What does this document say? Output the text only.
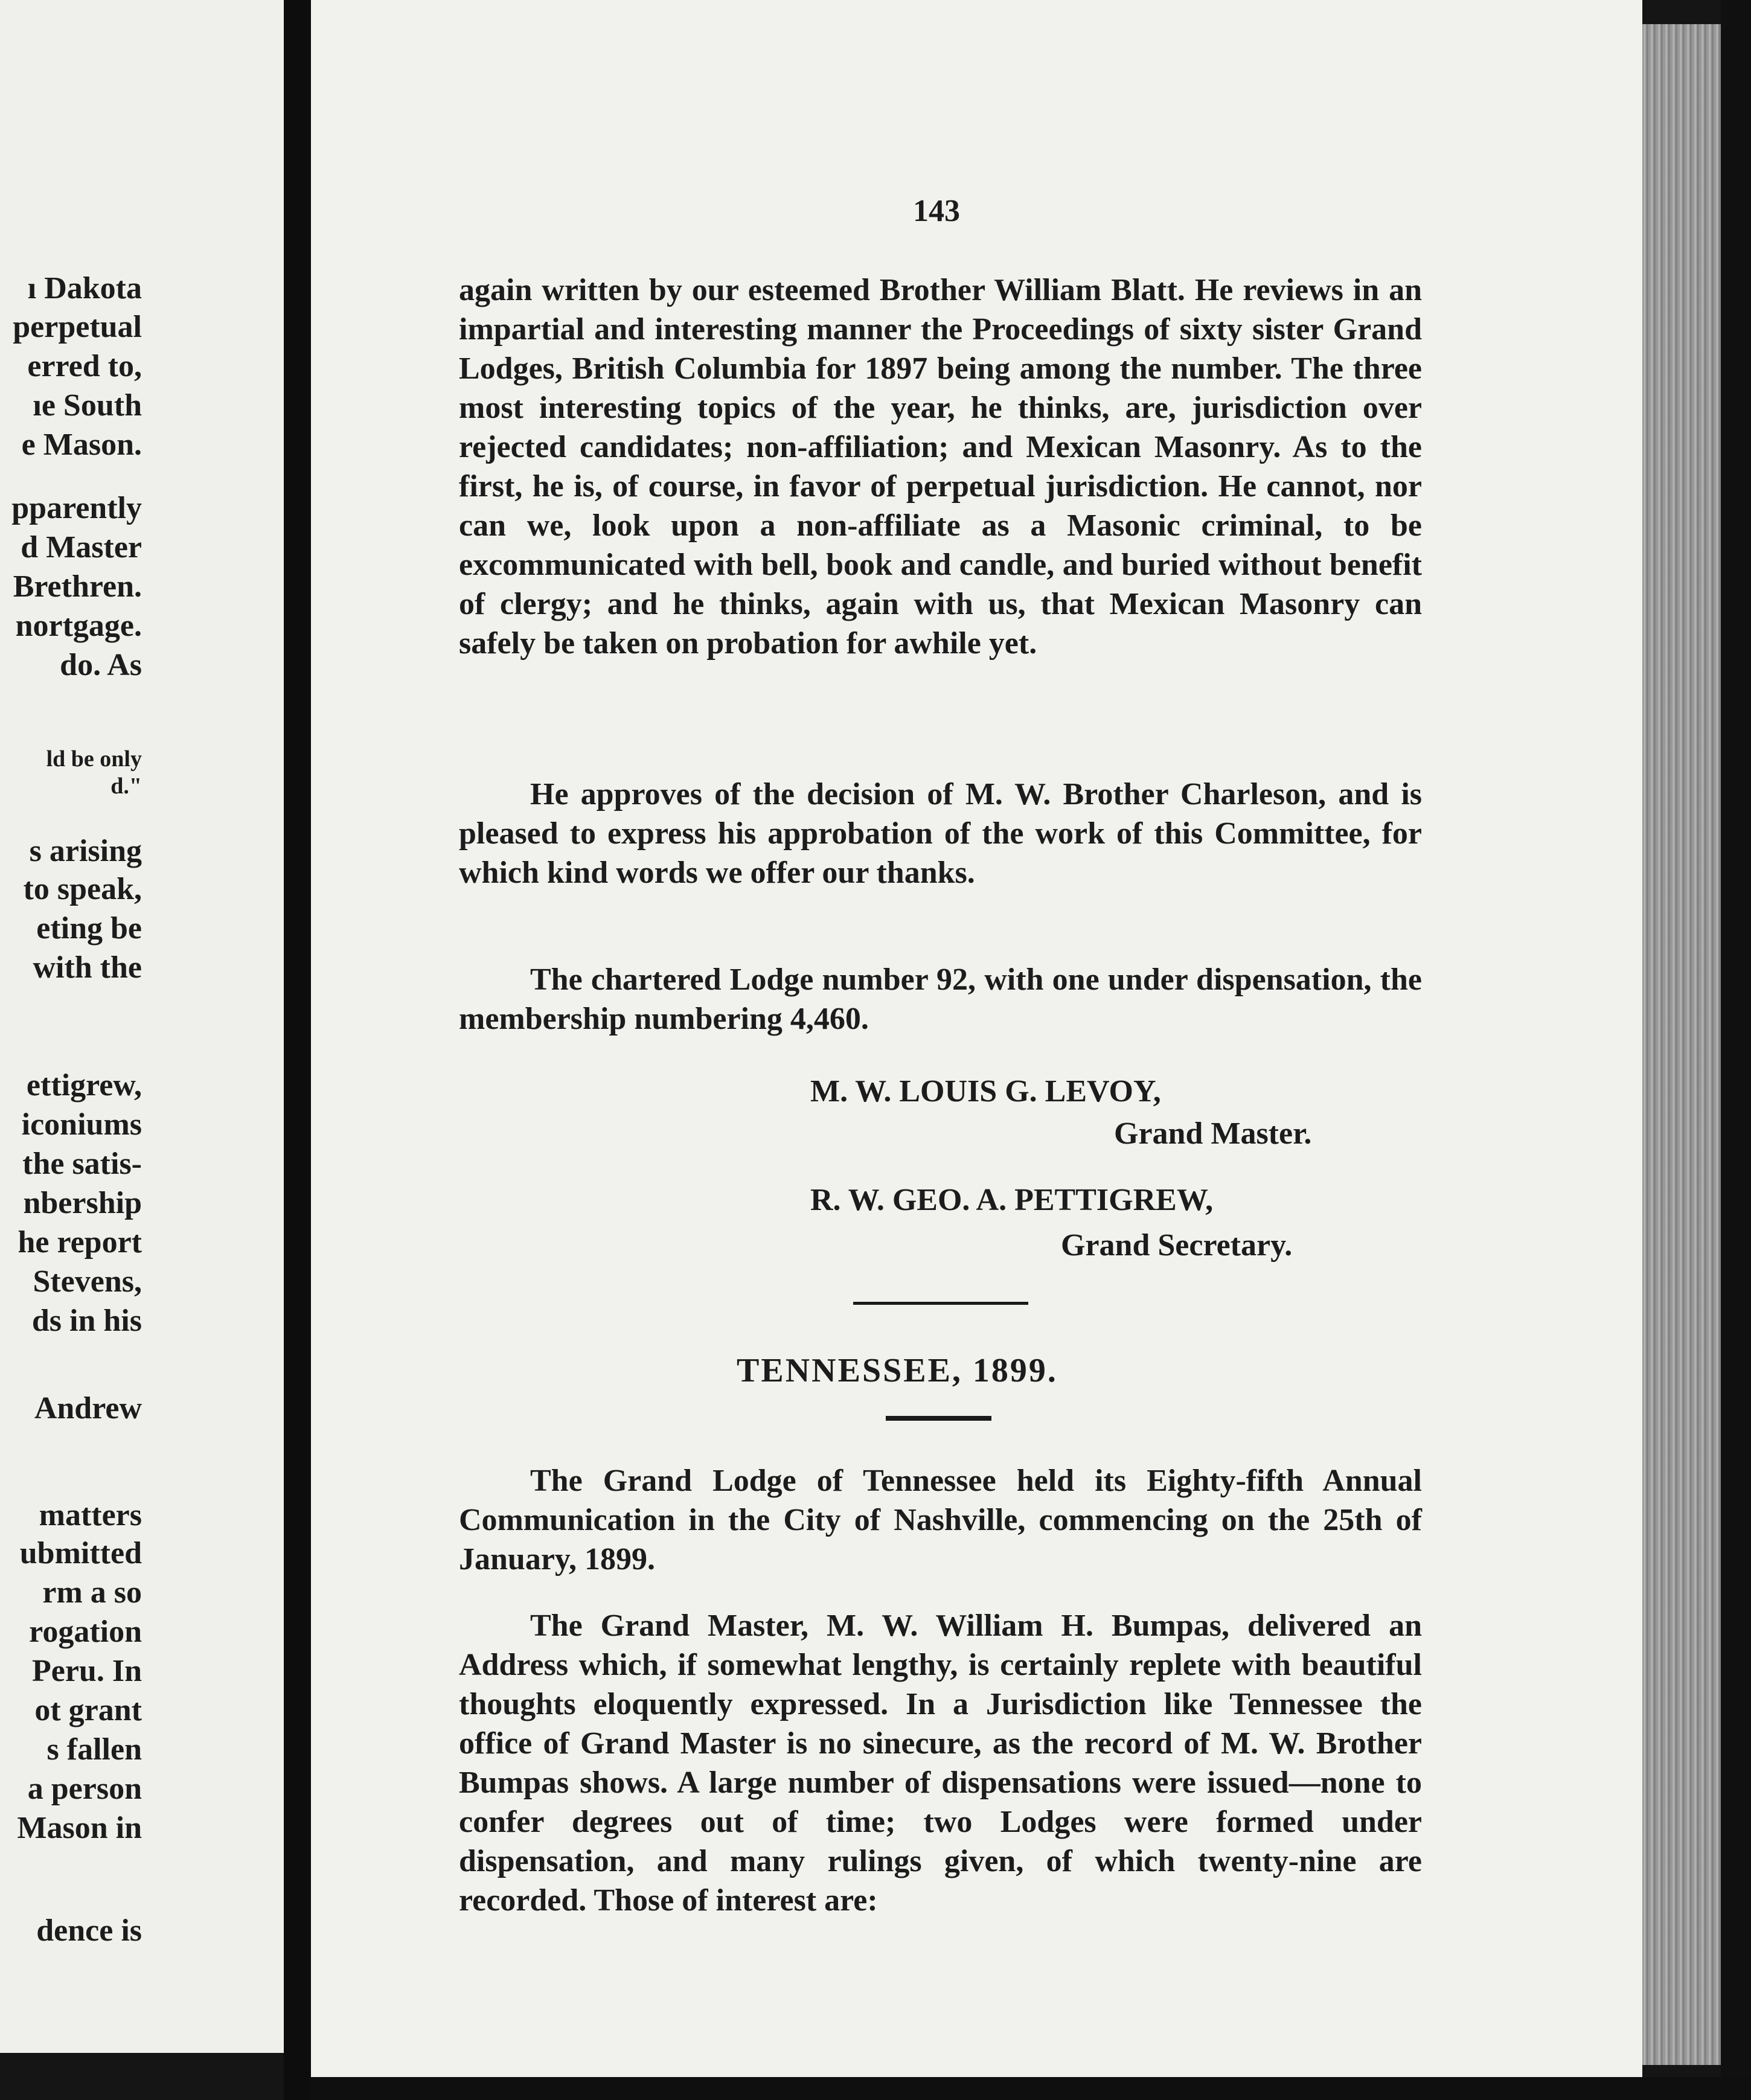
ı Dakota
perpetual
erred to,
ıe South
e Mason.
pparently
d Master
Brethren.
nortgage.
do. As
ld be only
d."
s arising
to speak,
eting be
with the
ettigrew,
iconiums
the satis-
nbership
he report
Stevens,
ds in his
Andrew
matters
ubmitted
rm a so
rogation
Peru. In
ot grant
s fallen
a person
Mason in
dence is
143

again written by our esteemed Brother William Blatt. He reviews in an impartial and interesting manner the Proceedings of sixty sister Grand Lodges, British Columbia for 1897 being among the number. The three most interesting topics of the year, he thinks, are, jurisdiction over rejected candidates; non-affiliation; and Mexican Masonry. As to the first, he is, of course, in favor of perpetual jurisdiction. He cannot, nor can we, look upon a non-affiliate as a Masonic criminal, to be excommunicated with bell, book and candle, and buried without benefit of clergy; and he thinks, again with us, that Mexican Masonry can safely be taken on probation for awhile yet.

He approves of the decision of M. W. Brother Charleson, and is pleased to express his approbation of the work of this Committee, for which kind words we offer our thanks.

The chartered Lodge number 92, with one under dispensation, the membership numbering 4,460.

M. W. LOUIS G. LEVOY,
Grand Master.
R. W. GEO. A. PETTIGREW,
Grand Secretary.
TENNESSEE, 1899.

The Grand Lodge of Tennessee held its Eighty-fifth Annual Communication in the City of Nashville, commencing on the 25th of January, 1899.

The Grand Master, M. W. William H. Bumpas, delivered an Address which, if somewhat lengthy, is certainly replete with beautiful thoughts eloquently expressed. In a Jurisdiction like Tennessee the office of Grand Master is no sinecure, as the record of M. W. Brother Bumpas shows. A large number of dispensations were issued—none to confer degrees out of time; two Lodges were formed under dispensation, and many rulings given, of which twenty-nine are recorded. Those of interest are:
